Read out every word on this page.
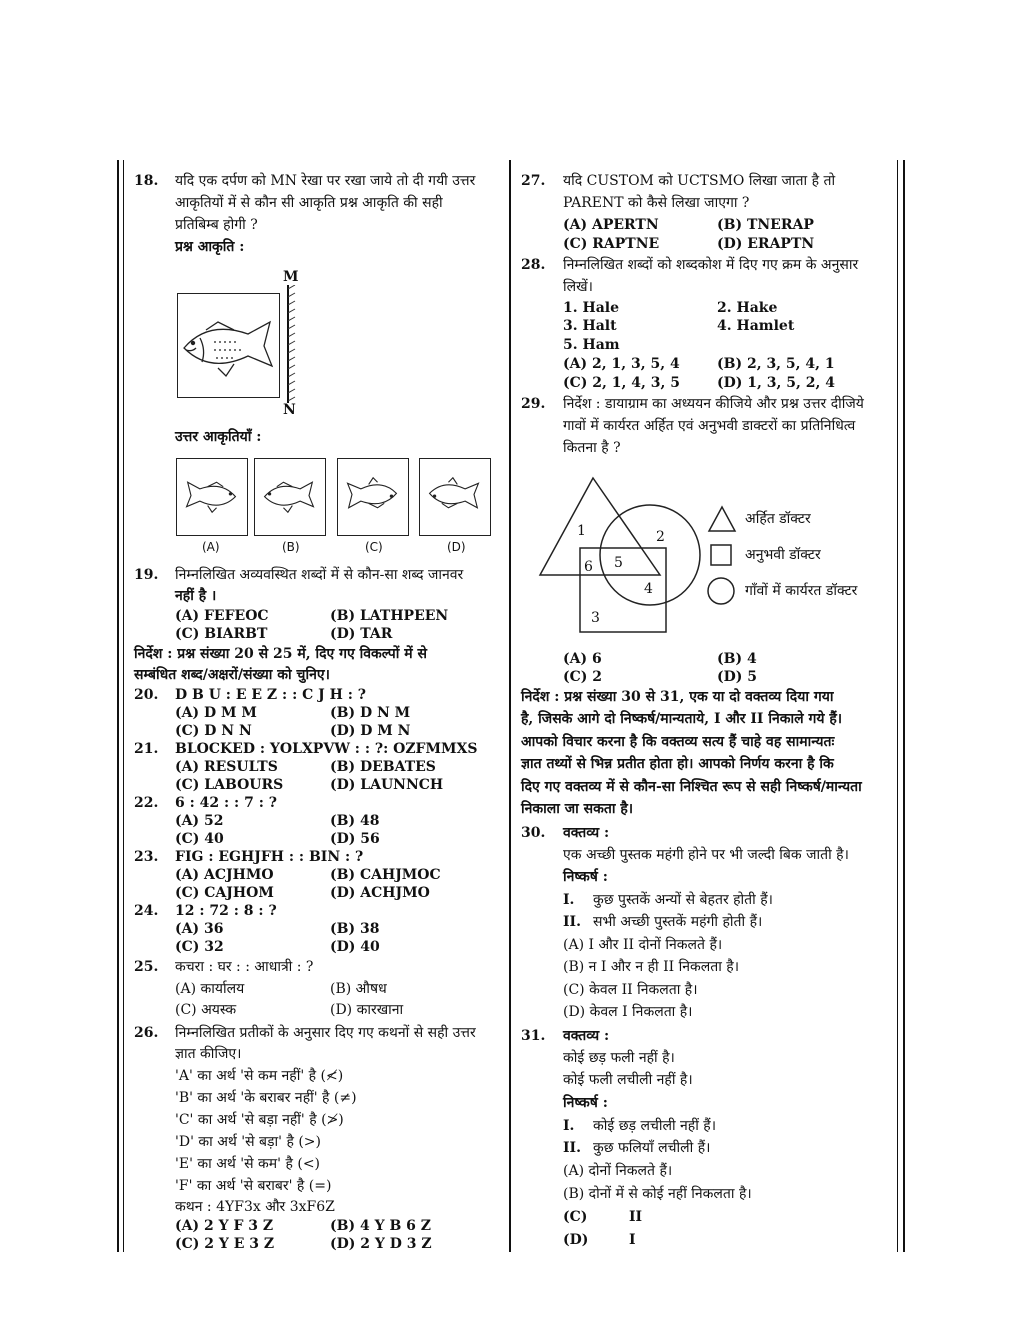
18. यदि एक दर्पण को MN रेखा पर रखा जाये तो दी गयी उत्तर
आकृतियों में से कौन सी आकृति प्रश्न आकृति की सही
प्रतिबिम्ब होगी ?
प्रश्न आकृति :
M
N
उत्तर आकृतियाँ :
(A)	(B)	(C)	(D)
19. निम्नलिखित अव्यवस्थित शब्दों में से कौन-सा शब्द जानवर
नहीं है ।
(A) FEFEOC	(B) LATHPEEN
(C) BIARBT	(D) TAR
निर्देश : प्रश्न संख्या 20 से 25 में, दिए गए विकल्पों में से
सम्बंधित शब्द/अक्षरों/संख्या को चुनिए।
20. D B U : E E Z : : C J H : ?
(A) D M M	(B) D N M
(C) D N N	(D) D M N
21. BLOCKED : YOLXPVW : : ?: OZFMMXS
(A) RESULTS	(B) DEBATES
(C) LABOURS	(D) LAUNNCH
22. 6 : 42 : : 7 : ?
(A) 52	(B) 48
(C) 40	(D) 56
23. FIG : EGHJFH : : BIN : ?
(A) ACJHMO	(B) CAHJMOC
(C) CAJHOM	(D) ACHJMO
24. 12 : 72 : 8 : ?
(A) 36	(B) 38
(C) 32	(D) 40
25. कचरा : घर : : आधात्री : ?
(A) कार्यालय	(B) औषध
(C) अयस्क	(D) कारखाना
26. निम्नलिखित प्रतीकों के अनुसार दिए गए कथनों से सही उत्तर
ज्ञात कीजिए।
'A' का अर्थ 'से कम नहीं' है (≮)
'B' का अर्थ 'के बराबर नहीं' है (≠)
'C' का अर्थ 'से बड़ा नहीं' है (≯)
'D' का अर्थ 'से बड़ा' है (>)
'E' का अर्थ 'से कम' है (<)
'F' का अर्थ 'से बराबर' है (=)
कथन : 4YF3x और 3xF6Z
(A) 2 Y F 3 Z	(B) 4 Y B 6 Z
(C) 2 Y E 3 Z	(D) 2 Y D 3 Z
27. यदि CUSTOM को UCTSMO लिखा जाता है तो
PARENT को कैसे लिखा जाएगा ?
(A) APERTN	(B) TNERAP
(C) RAPTNE	(D) ERAPTN
28. निम्नलिखित शब्दों को शब्दकोश में दिए गए क्रम के अनुसार
लिखें।
1. Hale	2. Hake
3. Halt	4. Hamlet
5. Ham
(A) 2, 1, 3, 5, 4	(B) 2, 3, 5, 4, 1
(C) 2, 1, 4, 3, 5	(D) 1, 3, 5, 2, 4
29. निर्देश : डायाग्राम का अध्ययन कीजिये और प्रश्न उत्तर दीजिये
गावों में कार्यरत अर्हित एवं अनुभवी डाक्टरों का प्रतिनिधित्व
कितना है ?
1	2
3
4
5
6
अर्हित डॉक्टर
अनुभवी डॉक्टर
गाँवों में कार्यरत डॉक्टर
(A) 6	(B) 4
(C) 2	(D) 5
निर्देश : प्रश्न संख्या 30 से 31, एक या दो वक्तव्य दिया गया
है, जिसके आगे दो निष्कर्ष/मान्यताये, I और II निकाले गये हैं।
आपको विचार करना है कि वक्तव्य सत्य हैं चाहे वह सामान्यतः
ज्ञात तथ्यों से भिन्न प्रतीत होता हो। आपको निर्णय करना है कि
दिए गए वक्तव्य में से कौन-सा निश्चित रूप से सही निष्कर्ष/मान्यता
निकाला जा सकता है।
30. वक्तव्य :
एक अच्छी पुस्तक महंगी होने पर भी जल्दी बिक जाती है।
निष्कर्ष :
I. कुछ पुस्तकें अन्यों से बेहतर होती हैं।
II. सभी अच्छी पुस्तकें महंगी होती हैं।
(A) I और II दोनों निकलते हैं।
(B) न I और न ही II निकलता है।
(C) केवल II निकलता है।
(D) केवल I निकलता है।
31. वक्तव्य :
कोई छड़ फली नहीं है।
कोई फली लचीली नहीं है।
निष्कर्ष :
I. कोई छड़ लचीली नहीं हैं।
II. कुछ फलियाँ लचीली हैं।
(A) दोनों निकलते हैं।
(B) दोनों में से कोई नहीं निकलता है।
(C)	II
(D)	I
